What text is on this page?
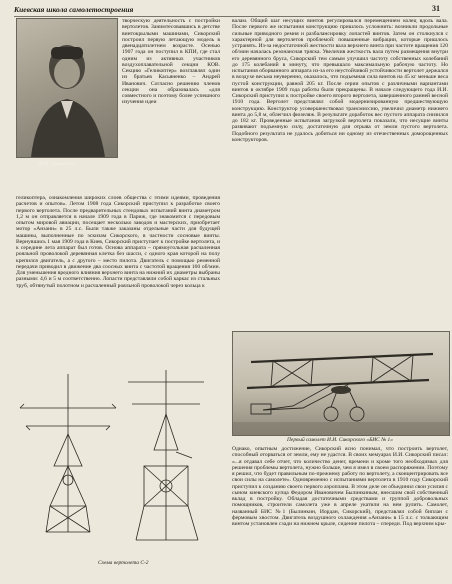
Киевская школа самолетостроения	31
И.И. Сикорский

творческую деятельность с постройки вертолетов. Занимте́совавшись в детстве винтокрылыми машинами, Сикорский построил первую летающую модель в двенадцатилетнем возрасте. Осенью 1907 года он поступил в КПИ, где стал одним из активных участников воздухоплавательной секции КОВ. Секцию «Геликоптер» возглавлял один из братьев Касьяненко – Андрей Иванович. Согласно решению членов секции она образовалась «для совместного и поэтому более успешного изучения идеи

геликоптера, ознакомления широких слоев общества с этими идеями, проведения расчетов и опытов». Летом 1908 года Сикорский приступил к разработке своего первого вертолета. После предварительных стендовых испытаний винта диаметром 1,2 м он отправляется в начале 1909 года в Париж, где знакомится с передовым опытом мировой авиации, посещает несколько заводов и мастерских, приобретает мотор «Анзани» в 25 л.с. Были также заказаны отдельные части для будущей машины, выполненные по эскизам Сикорского, в частности сосновые винты. Вернувшись 1 мая 1909 года в Киев, Сикорский приступает к постройке вертолета, и к середине лета аппарат был готов. Основа аппарата – прямоугольная расчаленная рояльной проволокой деревянная клетка без шасси, с одного края которой на полу крепился двигатель, а с другого – место пилота. Двигатель с помощью ременной передачи приводил в движение два соосных винта с частотой вращения 160 об/мин. Для уменьшения вредного влияния верхнего винта на нижний их диаметры выбраны разными: 4,6 и 5 м соответственно. Лопасти представляли собой каркас из стальных труб, обтянутый полотном и расчаленный рояльной проволокой через кольца к

Схема вертолета С-2

валам. Общий шаг несущих винтов регулировался перемещением колец вдоль вала. После первого же испытания конструкцию пришлось усложнить: возникли продольные сильные приводного ремня и разбалансировку лопастей винтов. Затем он столкнулся с характерной для вертолетов проблемой: повышенные вибрации, которые пришлось устранять. Из-за недостаточной жесткости вала верхнего винта при частоте вращения 120 об/мин началась резонансная тряска. Увеличив жесткость вала путем размещения внутри его деревянного бруса, Сикорский тем самым улучшил частоту собственных колебаний до 175 колебаний в минуту, что превышало максимальную рабочую частоту. Но испытания оборванного аппарата из-за его неустойчивой устойчивости вертолет держался в воздухе весьма неуверенно, оказалось, что подъемная сила винтов на 45 кг меньше веса пустой конструкции, равной 205 кг. После серии опытов с различными вариантами винтов в октябре 1909 года работы были прекращены. В начале следующего года И.И. Сикорский приступил к постройке своего второго вертолета, завершенного ранней весной 1910 года. Вертолет представлял собой модернизированную предшествующую конструкцию. Конструктор усовершенствовал трансмиссию, увеличил диаметр нижнего винта до 5,8 м, облегчил фюзеляж. В результате доработок вес пустого аппарата снизился до 182 кг. Проведенные испытания загрузкой вертолета показали, что несущие винты развивают подъемную силу, достаточную для отрыва от земли пустого вертолета. Подобного результата не удалось добиться ни одному из отечественных доморощенных конструкторов.

Первый самолет И.И. Сикорского «БИС № 1»

Однако, опытным достижение, Сикорский ясно понимал, что построить вертолет, способный оторваться от земли, ему не удастся. В своих мемуарах И.И. Сикорский писал: «...я отдавал себе отчет, что количество денег, времени и кроме того необходимых для решения проблемы вертолета, нужно больше, чем я имел в своем распоряжении. Поэтому я решил, что будет правильным по-прежнему работу по вертолету, а сконцентрировать все свои силы на самолете». Одновременно с испытаниями вертолета в 1910 году Сикорский приступил к созданию своего первого аэроплана. В этом деле он объединил свои усилия с сыном киевского купца Федором Ивановичем Былинкиным, внесшим свой собственный вклад в постройку. Обладая достаточными средствами и группой добровольных помощников, строители самолета уже в апреле укатили на нем рулить. Самолет, названный БИС №1 (Былинкин, Иордан, Сикорский), представлял собой биплан с фермовым хвостом. Двигатель воздушного охлаждения «Анзани» в 15 л.с. с толкающим винтом установлен сзади на нижнем крыле, сидение пилота – спереди. Под верхним кры-
